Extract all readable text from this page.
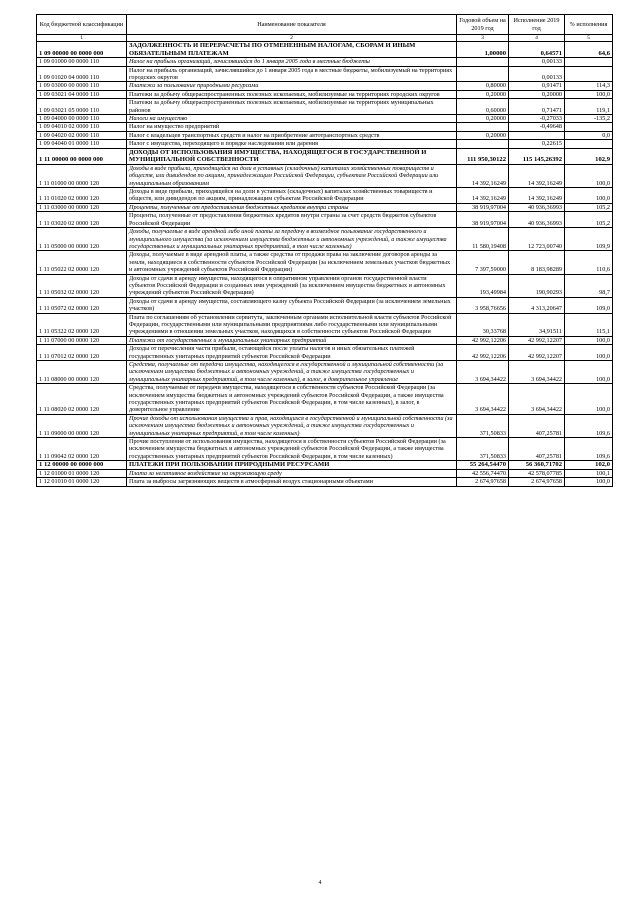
Код бюджетной классификации	Наименование показателя	Годовой объем на 2019 год	Исполнение 2019 год	% исполнения
1	2	3	4	5
1 09 00000 00 0000 000	ЗАДОЛЖЕННОСТЬ И ПЕРЕРАСЧЕТЫ ПО ОТМЕНЕННЫМ НАЛОГАМ, СБОРАМ И ИНЫМ ОБЯЗАТЕЛЬНЫМ ПЛАТЕЖАМ	1,00000	0,64571	64,6
1 09 01000 00 0000 110	Налог на прибыль организаций, зачислявшийся до 1 января 2005 года в местные бюджеты		0,00133	
1 09 01020 04 0000 110	Налог на прибыль организаций, зачислявшийся до 1 января 2005 года в местные бюджеты, мобилизуемый на территориях городских округов		0,00133	
1 09 03000 00 0000 110	Платежи за пользование природными ресурсами	0,80000	0,91471	114,3
1 09 03021 04 0000 110	Платежи за добычу общераспространенных полезных ископаемых, мобилизуемые на территориях городских округов	0,20000	0,20000	100,0
1 09 03021 05 0000 110	Платежи за добычу общераспространенных полезных ископаемых, мобилизуемые на территориях муниципальных районов	0,60000	0,71471	119,1
1 09 04000 00 0000 110	Налоги на имущество	0,20000	-0,27033	-135,2
1 09 04010 02 0000 110	Налог на имущество предприятий		-0,49648	
1 09 04020 02 0000 110	Налог с владельцев транспортных средств и налог на приобретение автотранспортных средств	0,20000		0,0
1 09 04040 01 0000 110	Налог с имущества, переходящего в порядке наследования или дарения		0,22615	
1 11 00000 00 0000 000	ДОХОДЫ ОТ ИСПОЛЬЗОВАНИЯ ИМУЩЕСТВА, НАХОДЯЩЕГОСЯ В ГОСУДАРСТВЕННОЙ И МУНИЦИПАЛЬНОЙ СОБСТВЕННОСТИ	111 950,30122	115 145,26392	102,9
1 11 01000 00 0000 120	Доходы в виде прибыли, приходящейся на доли в уставных (складочных) капиталах хозяйственных товариществ и обществ, или дивидендов по акциям, принадлежащим Российской Федерации, субъектам Российской Федерации или муниципальным образованиям	14 392,16249	14 392,16249	100,0
1 11 01020 02 0000 120	Доходы в виде прибыли, приходящейся на доли в уставных (складочных) капиталах хозяйственных товариществ и обществ, или дивидендов по акциям, принадлежащим субъектам Российской Федерации	14 392,16249	14 392,16249	100,0
1 11 03000 00 0000 120	Проценты, полученные от предоставления бюджетных кредитов внутри страны	38 919,97004	40 936,36993	105,2
1 11 03020 02 0000 120	Проценты, полученные от предоставления бюджетных кредитов внутри страны за счет средств бюджетов субъектов Российской Федерации	38 919,97004	40 936,36993	105,2
1 11 05000 00 0000 120	Доходы, получаемые в виде арендной либо иной платы за передачу в возмездное пользование государственного и муниципального имущества (за исключением имущества бюджетных и автономных учреждений, а также имущества государственных и муниципальных унитарных предприятий, в том числе казенных)	11 580,19408	12 723,00740	109,9
1 11 05022 02 0000 120	Доходы, получаемые в виде арендной платы, а также средства от продажи права на заключение договоров аренды за земли, находящиеся в собственности субъектов Российской Федерации (за исключением земельных участков бюджетных и автономных учреждений субъектов Российской Федерации)	7 397,59000	8 183,98289	110,6
1 11 05032 02 0000 120	Доходы от сдачи в аренду имущества, находящегося в оперативном управлении органов государственной власти субъектов Российской Федерации и созданных ими учреждений (за исключением имущества бюджетных и автономных учреждений субъектов Российской Федерации)	193,49984	190,90293	98,7
1 11 05072 02 0000 120	Доходы от сдачи в аренду имущества, составляющего казну субъекта Российской Федерации (за исключением земельных участков)	3 958,76656	4 313,20647	109,0
1 11 05322 02 0000 120	Плата по соглашениям об установлении сервитута, заключенным органами исполнительной власти субъектов Российской Федерации, государственными или муниципальными предприятиями либо государственными или муниципальными учреждениями в отношении земельных участков, находящихся в собственности субъектов Российской Федерации	30,33768	34,91511	115,1
1 11 07000 00 0000 120	Платежи от государственных и муниципальных унитарных предприятий	42 992,12206	42 992,12207	100,0
1 11 07012 02 0000 120	Доходы от перечисления части прибыли, остающейся после уплаты налогов и иных обязательных платежей государственных унитарных предприятий субъектов Российской Федерации	42 992,12206	42 992,12207	100,0
1 11 08000 00 0000 120	Средства, получаемые от передачи имущества, находящегося в государственной и муниципальной собственности (за исключением имущества бюджетных и автономных учреждений, а также имущества государственных и муниципальных унитарных предприятий, в том числе казенных), в залог, в доверительное управление	3 694,34422	3 694,34422	100,0
1 11 08020 02 0000 120	Средства, получаемые от передачи имущества, находящегося в собственности субъектов Российской Федерации (за исключением имущества бюджетных и автономных учреждений субъектов Российской Федерации, а также имущества государственных унитарных предприятий субъектов Российской Федерации, в том числе казенных), в залог, в доверительное управление	3 694,34422	3 694,34422	100,0
1 11 09000 00 0000 120	Прочие доходы от использования имущества и прав, находящихся в государственной и муниципальной собственности (за исключением имущества бюджетных и автономных учреждений, а также имущества государственных и муниципальных унитарных предприятий, в том числе казенных)	371,50833	407,25781	109,6
1 11 09042 02 0000 120	Прочие поступления от использования имущества, находящегося в собственности субъектов Российской Федерации (за исключением имущества бюджетных и автономных учреждений субъектов Российской Федерации, а также имущества государственных унитарных предприятий субъектов Российской Федерации, в том числе казенных)	371,50833	407,25781	109,6
1 12 00000 00 0000 000	ПЛАТЕЖИ ПРИ ПОЛЬЗОВАНИИ ПРИРОДНЫМИ РЕСУРСАМИ	55 264,54470	56 360,71702	102,0
1 12 01000 01 0000 120	Плата за негативное воздействие на окружающую среду	42 556,74470	42 578,07785	100,1
1 12 01010 01 0000 120	Плата за выбросы загрязняющих веществ в атмосферный воздух стационарными объектами	2 674,97658	2 674,97658	100,0
4
